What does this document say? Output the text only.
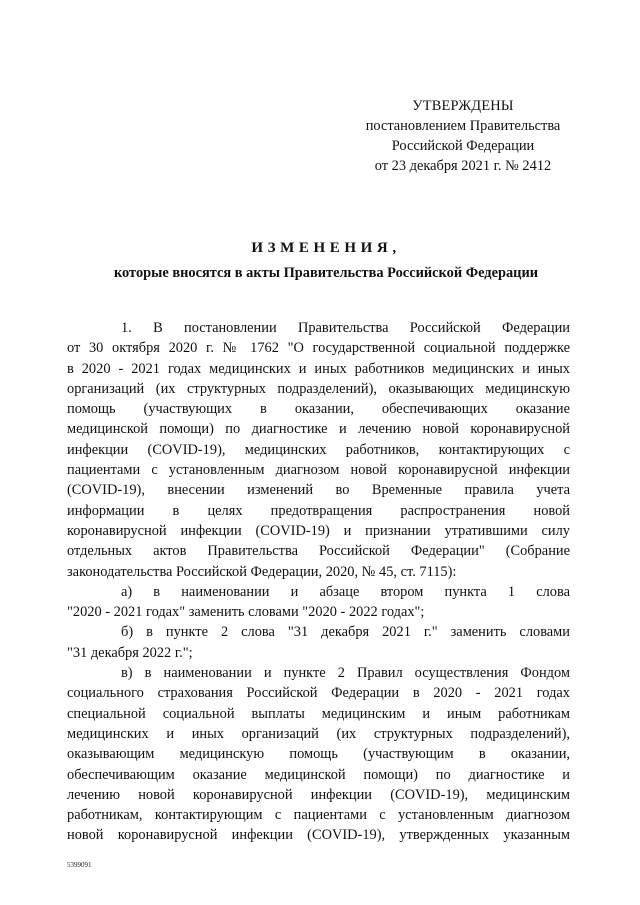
УТВЕРЖДЕНЫ
постановлением Правительства
Российской Федерации
от 23 декабря 2021 г. № 2412
ИЗМЕНЕНИЯ,
которые вносятся в акты Правительства Российской Федерации
1. В постановлении Правительства Российской Федерации
от 30 октября 2020 г. № 1762 "О государственной социальной поддержке
в 2020 - 2021 годах медицинских и иных работников медицинских и иных
организаций (их структурных подразделений), оказывающих медицинскую
помощь (участвующих в оказании, обеспечивающих оказание
медицинской помощи) по диагностике и лечению новой коронавирусной
инфекции (COVID-19), медицинских работников, контактирующих с
пациентами с установленным диагнозом новой коронавирусной инфекции
(COVID-19), внесении изменений во Временные правила учета
информации в целях предотвращения распространения новой
коронавирусной инфекции (COVID-19) и признании утратившими силу
отдельных актов Правительства Российской Федерации" (Собрание
законодательства Российской Федерации, 2020, № 45, ст. 7115):
а) в наименовании и абзаце втором пункта 1 слова
"2020 - 2021 годах" заменить словами "2020 - 2022 годах";
б) в пункте 2 слова "31 декабря 2021 г." заменить словами
"31 декабря 2022 г.";
в) в наименовании и пункте 2 Правил осуществления Фондом
социального страхования Российской Федерации в 2020 - 2021 годах
специальной социальной выплаты медицинским и иным работникам
медицинских и иных организаций (их структурных подразделений),
оказывающим медицинскую помощь (участвующим в оказании,
обеспечивающим оказание медицинской помощи) по диагностике и
лечению новой коронавирусной инфекции (COVID-19), медицинским
работникам, контактирующим с пациентами с установленным диагнозом
новой коронавирусной инфекции (COVID-19), утвержденных указанным
5399091
